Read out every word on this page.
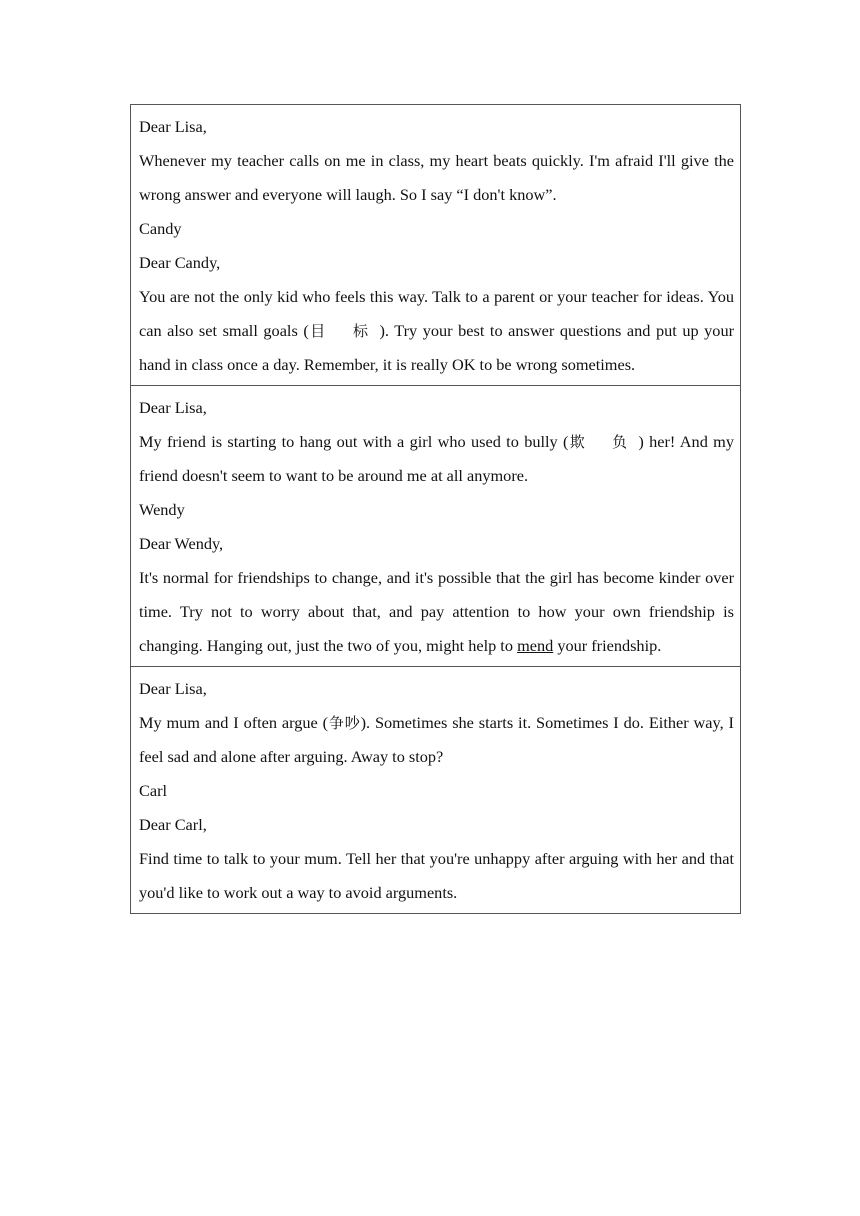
Dear Lisa,

Whenever my teacher calls on me in class, my heart beats quickly. I'm afraid I'll give the wrong answer and everyone will laugh. So I say “I don't know”.

Candy

Dear Candy,

You are not the only kid who feels this way. Talk to a parent or your teacher for ideas. You can also set small goals (目 标). Try your best to answer questions and put up your hand in class once a day. Remember, it is really OK to be wrong sometimes.

Dear Lisa,

My friend is starting to hang out with a girl who used to bully (欺 负) her! And my friend doesn't seem to want to be around me at all anymore.

Wendy

Dear Wendy,

It's normal for friendships to change, and it's possible that the girl has become kinder over time. Try not to worry about that, and pay attention to how your own friendship is changing. Hanging out, just the two of you, might help to mend your friendship.

Dear Lisa,

My mum and I often argue (争吵). Sometimes she starts it. Sometimes I do. Either way, I feel sad and alone after arguing. Away to stop?

Carl

Dear Carl,

Find time to talk to your mum. Tell her that you're unhappy after arguing with her and that you'd like to work out a way to avoid arguments.
